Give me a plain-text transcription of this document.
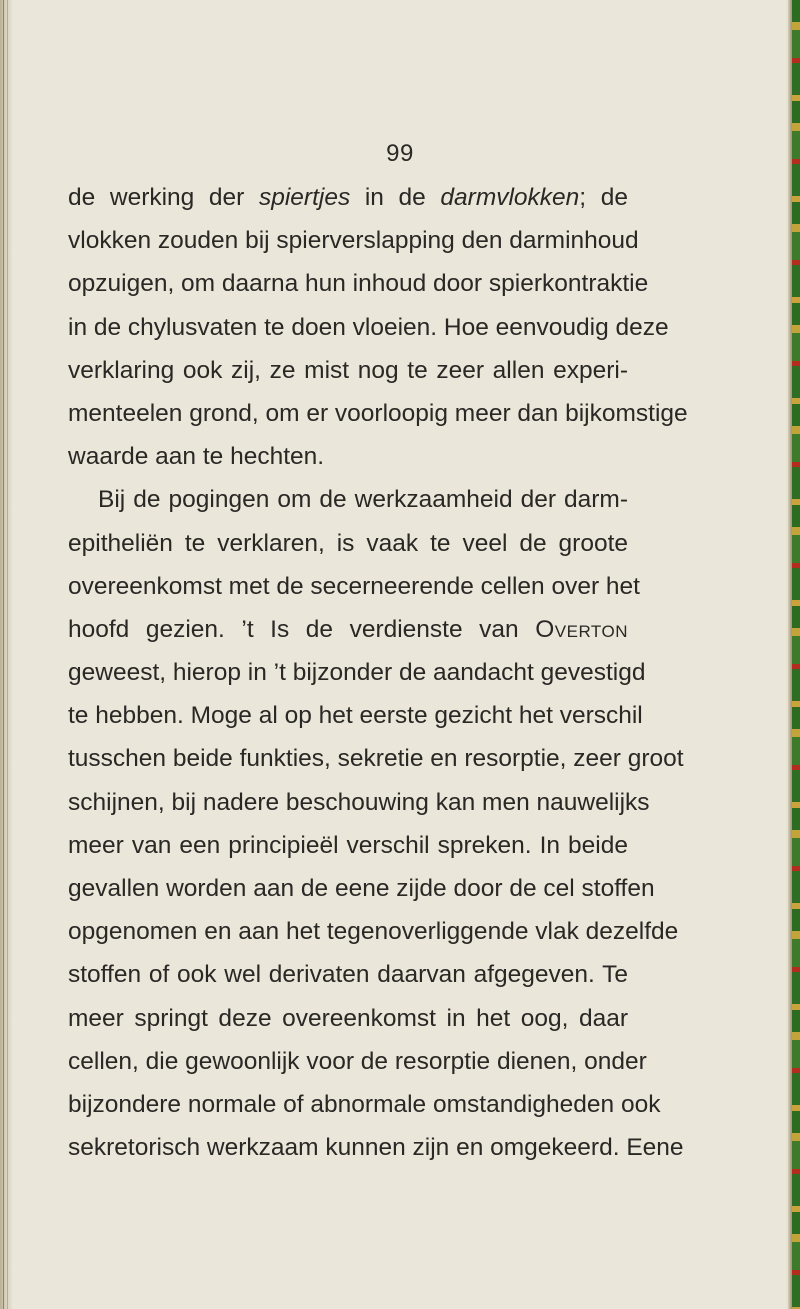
99
de werking der spiertjes in de darmvlokken; de
vlokken zouden bij spierverslapping den darminhoud
opzuigen, om daarna hun inhoud door spierkontraktie
in de chylusvaten te doen vloeien. Hoe eenvoudig deze
verklaring ook zij, ze mist nog te zeer allen experi-
menteelen grond, om er voorloopig meer dan bijkomstige
waarde aan te hechten.
Bij de pogingen om de werkzaamheid der darm-
epitheliën te verklaren, is vaak te veel de groote
overeenkomst met de secerneerende cellen over het
hoofd gezien. ’t Is de verdienste van Overton
geweest, hierop in ’t bijzonder de aandacht gevestigd
te hebben. Moge al op het eerste gezicht het verschil
tusschen beide funkties, sekretie en resorptie, zeer groot
schijnen, bij nadere beschouwing kan men nauwelijks
meer van een principieël verschil spreken. In beide
gevallen worden aan de eene zijde door de cel stoffen
opgenomen en aan het tegenoverliggende vlak dezelfde
stoffen of ook wel derivaten daarvan afgegeven. Te
meer springt deze overeenkomst in het oog, daar
cellen, die gewoonlijk voor de resorptie dienen, onder
bijzondere normale of abnormale omstandigheden ook
sekretorisch werkzaam kunnen zijn en omgekeerd. Eene
